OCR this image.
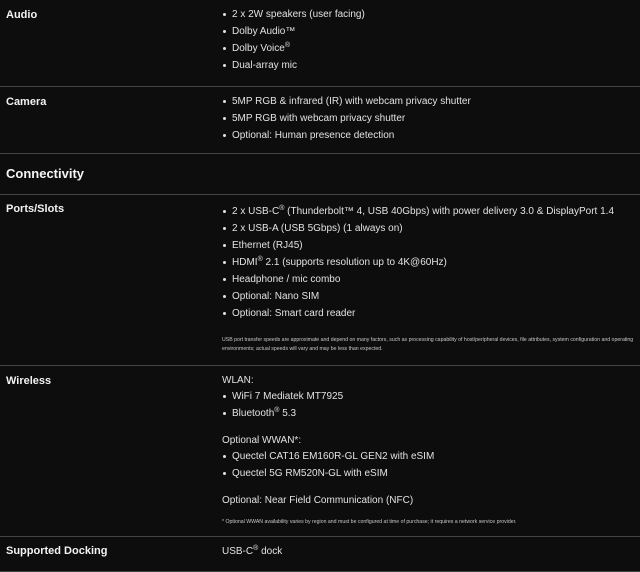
Audio	2 x 2W speakers (user facing)
Dolby Audio™
Dolby Voice®
Dual-array mic
Camera	5MP RGB & infrared (IR) with webcam privacy shutter
5MP RGB with webcam privacy shutter
Optional: Human presence detection
Connectivity
Ports/Slots	2 x USB-C® (Thunderbolt™ 4, USB 40Gbps) with power delivery 3.0 & DisplayPort 1.4
2 x USB-A (USB 5Gbps) (1 always on)
Ethernet (RJ45)
HDMI® 2.1 (supports resolution up to 4K@60Hz)
Headphone / mic combo
Optional: Nano SIM
Optional: Smart card reader
USB port transfer speeds are approximate and depend on many factors, such as processing capability of host/peripheral devices, file attributes, system configuration and operating
environments; actual speeds will vary and may be less than expected.
Wireless	WLAN:
WiFi 7 Mediatek MT7925
Bluetooth® 5.3
Optional WWAN*:
Quectel CAT16 EM160R-GL GEN2 with eSIM
Quectel 5G RM520N-GL with eSIM
Optional: Near Field Communication (NFC)
* Optional WWAN availability varies by region and must be configured at time of purchase; it requires a network service provider.
Supported Docking	USB-C® dock
